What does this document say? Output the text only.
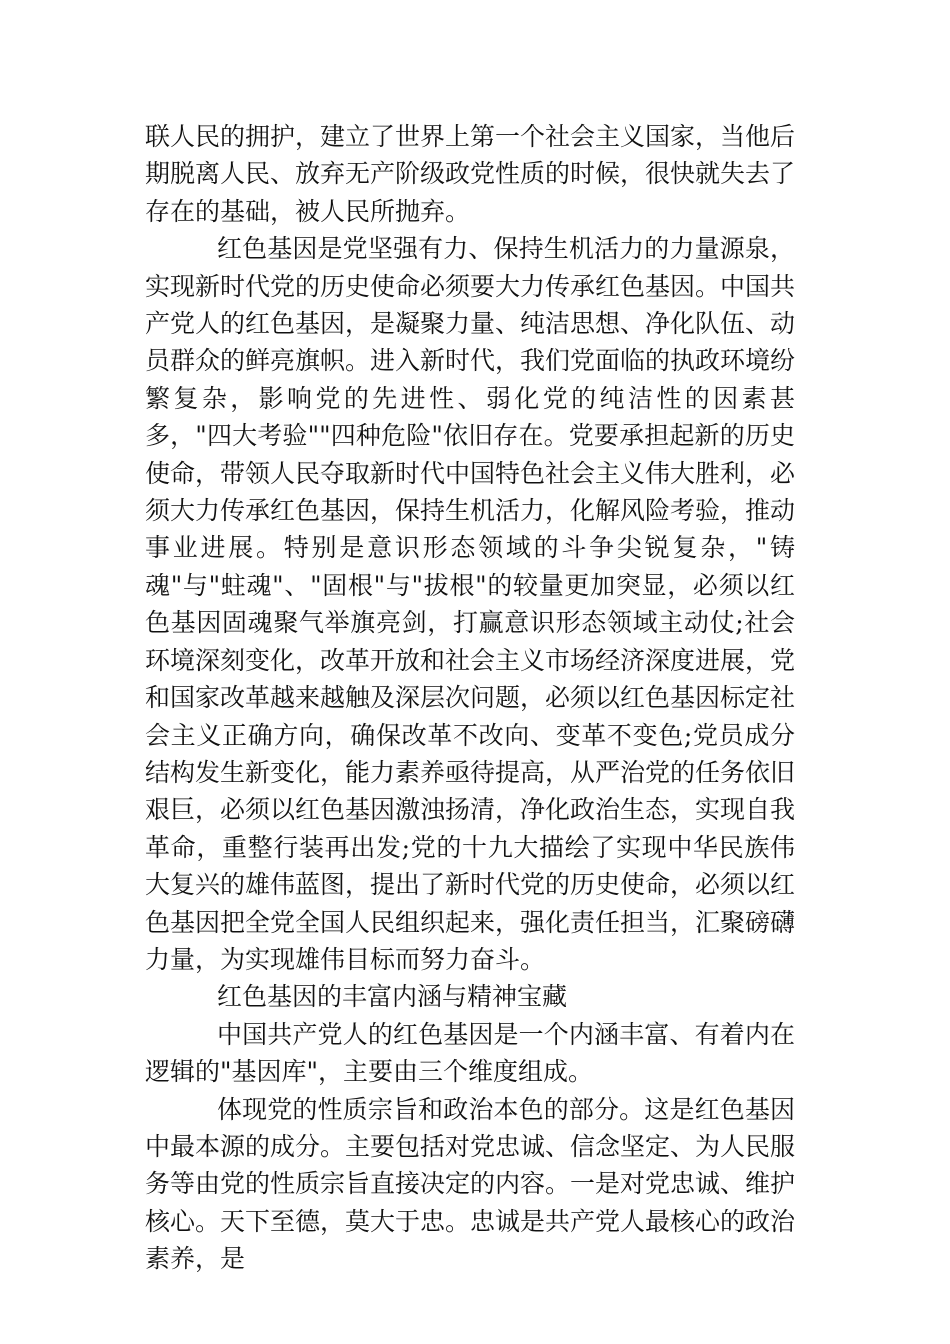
联人民的拥护，建立了世界上第一个社会主义国家，当他后期脱离人民、放弃无产阶级政党性质的时候，很快就失去了存在的基础，被人民所抛弃。

红色基因是党坚强有力、保持生机活力的力量源泉，实现新时代党的历史使命必须要大力传承红色基因。中国共产党人的红色基因，是凝聚力量、纯洁思想、净化队伍、动员群众的鲜亮旗帜。进入新时代，我们党面临的执政环境纷繁复杂，影响党的先进性、弱化党的纯洁性的因素甚多，"四大考验""四种危险"依旧存在。党要承担起新的历史使命，带领人民夺取新时代中国特色社会主义伟大胜利，必须大力传承红色基因，保持生机活力，化解风险考验，推动事业进展。特别是意识形态领域的斗争尖锐复杂，"铸魂"与"蛀魂"、"固根"与"拔根"的较量更加突显，必须以红色基因固魂聚气举旗亮剑，打赢意识形态领域主动仗;社会环境深刻变化，改革开放和社会主义市场经济深度进展，党和国家改革越来越触及深层次问题，必须以红色基因标定社会主义正确方向，确保改革不改向、变革不变色;党员成分结构发生新变化，能力素养亟待提高，从严治党的任务依旧艰巨，必须以红色基因激浊扬清，净化政治生态，实现自我革命，重整行装再出发;党的十九大描绘了实现中华民族伟大复兴的雄伟蓝图，提出了新时代党的历史使命，必须以红色基因把全党全国人民组织起来，强化责任担当，汇聚磅礴力量，为实现雄伟目标而努力奋斗。

红色基因的丰富内涵与精神宝藏

中国共产党人的红色基因是一个内涵丰富、有着内在逻辑的"基因库"，主要由三个维度组成。

体现党的性质宗旨和政治本色的部分。这是红色基因中最本源的成分。主要包括对党忠诚、信念坚定、为人民服务等由党的性质宗旨直接决定的内容。一是对党忠诚、维护核心。天下至德，莫大于忠。忠诚是共产党人最核心的政治素养，是
